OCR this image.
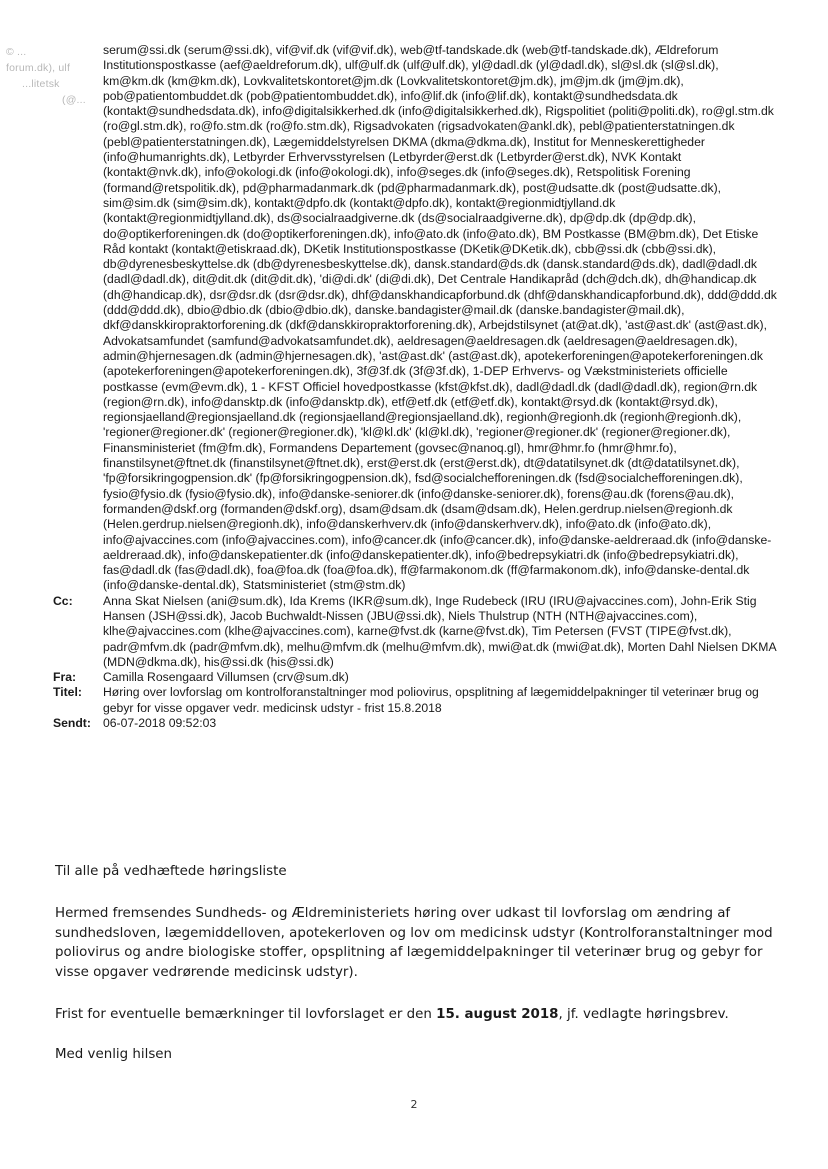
© ...
forum.dk), ulf
...litetsk
(@...
serum@ssi.dk (serum@ssi.dk), vif@vif.dk (vif@vif.dk), web@tf-tandskade.dk (web@tf-tandskade.dk), Ældreforum Institutionspostkasse (aef@aeldreforum.dk), ulf@ulf.dk (ulf@ulf.dk), yl@dadl.dk (yl@dadl.dk), sl@sl.dk (sl@sl.dk), km@km.dk (km@km.dk), Lovkvalitetskontoret@jm.dk (Lovkvalitetskontoret@jm.dk), jm@jm.dk (jm@jm.dk), pob@patientombuddet.dk (pob@patientombuddet.dk), info@lif.dk (info@lif.dk), kontakt@sundhedsdata.dk (kontakt@sundhedsdata.dk), info@digitalsikkerhed.dk (info@digitalsikkerhed.dk), Rigspolitiet (politi@politi.dk), ro@gl.stm.dk (ro@gl.stm.dk), ro@fo.stm.dk (ro@fo.stm.dk), Rigsadvokaten (rigsadvokaten@ankl.dk), pebl@patienterstatningen.dk (pebl@patienterstatningen.dk), Lægemiddelstyrelsen DKMA (dkma@dkma.dk), Institut for Menneskerettigheder (info@humanrights.dk), Letbyrder Erhvervsstyrelsen (Letbyrder@erst.dk (Letbyrder@erst.dk), NVK Kontakt (kontakt@nvk.dk), info@okologi.dk (info@okologi.dk), info@seges.dk (info@seges.dk), Retspolitisk Forening (formand@retspolitik.dk), pd@pharmadanmark.dk (pd@pharmadanmark.dk), post@udsatte.dk (post@udsatte.dk), sim@sim.dk (sim@sim.dk), kontakt@dpfo.dk (kontakt@dpfo.dk), kontakt@regionmidtjylland.dk (kontakt@regionmidtjylland.dk), ds@socialraadgiverne.dk (ds@socialraadgiverne.dk), dp@dp.dk (dp@dp.dk), do@optikerforeningen.dk (do@optikerforeningen.dk), info@ato.dk (info@ato.dk), BM Postkasse (BM@bm.dk), Det Etiske Råd kontakt (kontakt@etiskraad.dk), DKetik Institutionspostkasse (DKetik@DKetik.dk), cbb@ssi.dk (cbb@ssi.dk), db@dyrenesbeskyttelse.dk (db@dyrenesbeskyttelse.dk), dansk.standard@ds.dk (dansk.standard@ds.dk), dadl@dadl.dk (dadl@dadl.dk), dit@dit.dk (dit@dit.dk), 'di@di.dk' (di@di.dk), Det Centrale Handikapråd (dch@dch.dk), dh@handicap.dk (dh@handicap.dk), dsr@dsr.dk (dsr@dsr.dk), dhf@danskhandicapforbund.dk (dhf@danskhandicapforbund.dk), ddd@ddd.dk (ddd@ddd.dk), dbio@dbio.dk (dbio@dbio.dk), danske.bandagister@mail.dk (danske.bandagister@mail.dk), dkf@danskkiropraktorforening.dk (dkf@danskkiropraktorforening.dk), Arbejdstilsynet (at@at.dk), 'ast@ast.dk' (ast@ast.dk), Advokatsamfundet (samfund@advokatsamfundet.dk), aeldresagen@aeldresagen.dk (aeldresagen@aeldresagen.dk), admin@hjernesagen.dk (admin@hjernesagen.dk), 'ast@ast.dk' (ast@ast.dk), apotekerforeningen@apotekerforeningen.dk (apotekerforeningen@apotekerforeningen.dk), 3f@3f.dk (3f@3f.dk), 1-DEP Erhvervs- og Vækstministeriets officielle postkasse (evm@evm.dk), 1 - KFST Officiel hovedpostkasse (kfst@kfst.dk), dadl@dadl.dk (dadl@dadl.dk), region@rn.dk (region@rn.dk), info@dansktp.dk (info@dansktp.dk), etf@etf.dk (etf@etf.dk), kontakt@rsyd.dk (kontakt@rsyd.dk), regionsjaelland@regionsjaelland.dk (regionsjaelland@regionsjaelland.dk), regionh@regionh.dk (regionh@regionh.dk), 'regioner@regioner.dk' (regioner@regioner.dk), 'kl@kl.dk' (kl@kl.dk), 'regioner@regioner.dk' (regioner@regioner.dk), Finansministeriet (fm@fm.dk), Formandens Departement (govsec@nanoq.gl), hmr@hmr.fo (hmr@hmr.fo), finanstilsynet@ftnet.dk (finanstilsynet@ftnet.dk), erst@erst.dk (erst@erst.dk), dt@datatilsynet.dk (dt@datatilsynet.dk), 'fp@forsikringogpension.dk' (fp@forsikringogpension.dk), fsd@socialchefforeningen.dk (fsd@socialchefforeningen.dk), fysio@fysio.dk (fysio@fysio.dk), info@danske-seniorer.dk (info@danske-seniorer.dk), forens@au.dk (forens@au.dk), formanden@dskf.org (formanden@dskf.org), dsam@dsam.dk (dsam@dsam.dk), Helen.gerdrup.nielsen@regionh.dk (Helen.gerdrup.nielsen@regionh.dk), info@danskerhverv.dk (info@danskerhverv.dk), info@ato.dk (info@ato.dk), info@ajvaccines.com (info@ajvaccines.com), info@cancer.dk (info@cancer.dk), info@danske-aeldreraad.dk (info@danske-aeldreraad.dk), info@danskepatienter.dk (info@danskepatienter.dk), info@bedrepsykiatri.dk (info@bedrepsykiatri.dk), fas@dadl.dk (fas@dadl.dk), foa@foa.dk (foa@foa.dk), ff@farmakonom.dk (ff@farmakonom.dk), info@danske-dental.dk (info@danske-dental.dk), Statsministeriet (stm@stm.dk)
Cc:	Anna Skat Nielsen (ani@sum.dk), Ida Krems (IKR@sum.dk), Inge Rudebeck (IRU (IRU@ajvaccines.com), John-Erik Stig Hansen (JSH@ssi.dk), Jacob Buchwaldt-Nissen (JBU@ssi.dk), Niels Thulstrup (NTH (NTH@ajvaccines.com), klhe@ajvaccines.com (klhe@ajvaccines.com), karne@fvst.dk (karne@fvst.dk), Tim Petersen (FVST (TIPE@fvst.dk), padr@mfvm.dk (padr@mfvm.dk), melhu@mfvm.dk (melhu@mfvm.dk), mwi@at.dk (mwi@at.dk), Morten Dahl Nielsen DKMA (MDN@dkma.dk), his@ssi.dk (his@ssi.dk)
Fra:	Camilla Rosengaard Villumsen (crv@sum.dk)
Titel:	Høring over lovforslag om kontrolforanstaltninger mod poliovirus, opsplitning af lægemiddelpakninger til veterinær brug og gebyr for visse opgaver vedr. medicinsk udstyr - frist 15.8.2018
Sendt: 06-07-2018 09:52:03
Til alle på vedhæftede høringsliste
Hermed fremsendes Sundheds- og Ældreministeriets høring over udkast til lovforslag om ændring af sundhedsloven, lægemiddelloven, apotekerloven og lov om medicinsk udstyr (Kontrolforanstaltninger mod poliovirus og andre biologiske stoffer, opsplitning af lægemiddelpakninger til veterinær brug og gebyr for visse opgaver vedrørende medicinsk udstyr).
Frist for eventuelle bemærkninger til lovforslaget er den 15. august 2018, jf. vedlagte høringsbrev.
Med venlig hilsen
2
